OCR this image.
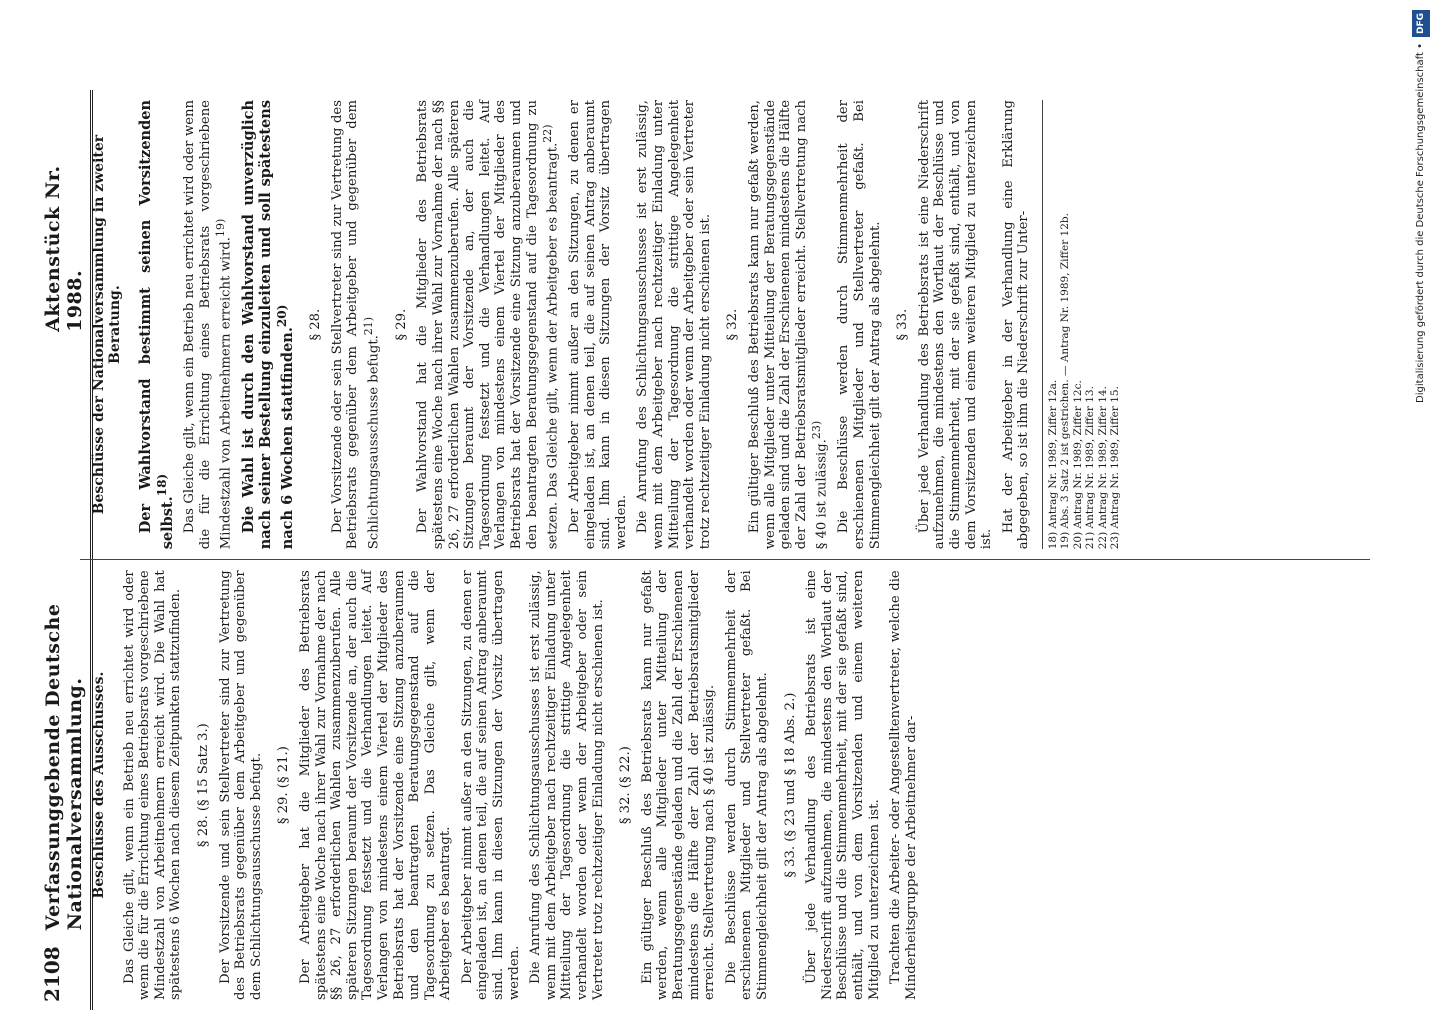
2108
Verfassunggebende Deutsche Nationalversammlung.
Aktenstück Nr. 1988.
Beschlüsse des Ausschusses. Das Gleiche gilt, wenn ein Betrieb neu errichtet wird oder wenn die für die Errichtung eines Betriebsrats vorgeschriebene Mindestzahl von Arbeitnehmern erreicht wird. Die Wahl hat spätestens 6 Wochen nach diesem Zeitpunkten stattzufinden. § 28. (§ 15 Satz 3.) Der Vorsitzende und sein Stellvertreter sind zur Vertretung des Betriebsrats gegenüber dem Arbeitgeber und gegenüber dem Schlichtungsausschusse befugt. § 29. (§ 21.) Der Arbeitgeber hat die Mitglieder des Betriebsrats spätestens eine Woche nach ihrer Wahl zur Vornahme der nach §§ 26, 27 erforderlichen Wahlen zusammenzuberufen. Alle späteren Sitzungen beraumt der Vorsitzende an, der auch die Tagesordnung festsetzt und die Verhandlungen leitet. Auf Verlangen von mindestens einem Viertel der Mitglieder des Betriebsrats hat der Vorsitzende eine Sitzung anzuberaumen und den beantragten Beratungsgegenstand auf die Tagesordnung zu setzen. Das Gleiche gilt, wenn der Arbeitgeber es beantragt. Der Arbeitgeber nimmt außer an den Sitzungen, zu denen er eingeladen ist, an denen teil, die auf seinen Antrag anberaumt sind. Ihm kann in diesen Sitzungen der Vorsitz übertragen werden. Die Anrufung des Schlichtungsausschusses ist erst zulässig, wenn mit dem Arbeitgeber nach rechtzeitiger Einladung unter Mitteilung der Tagesordnung die strittige Angelegenheit verhandelt worden oder wenn der Arbeitgeber oder sein Vertreter trotz rechtzeitiger Einladung nicht erschienen ist. § 32. (§ 22.) Ein gültiger Beschluß des Betriebsrats kann nur gefaßt werden, wenn alle Mitglieder unter Mitteilung der Beratungsgegenstände geladen und die Zahl der Erschienenen mindestens die Hälfte der Zahl der Betriebsratsmitglieder erreicht. Stellvertretung nach § 40 ist zulässig. Die Beschlüsse werden durch Stimmenmehrheit der erschienenen Mitglieder und Stellvertreter gefaßt. Bei Stimmengleichheit gilt der Antrag als abgelehnt. § 33. (§ 23 und § 18 Abs. 2.) Über jede Verhandlung des Betriebsrats ist eine Niederschrift aufzunehmen, die mindestens den Wortlaut der Beschlüsse und die Stimmenmehrheit, mit der sie gefaßt sind, enthält, und von dem Vorsitzenden und einem weiteren Mitglied zu unterzeichnen ist. Trachten die Arbeiter- oder Angestelltenvertreter, welche die Minderheitsgruppe der Arbeitnehmer dar-

Beschlüsse der Nationalversammlung in zweiter Beratung. Der Wahlvorstand bestimmt seinen Vorsitzenden selbst.$^{18)}$ Das Gleiche gilt, wenn ein Betrieb neu errichtet wird oder wenn die für die Errichtung eines Betriebsrats vorgeschriebene Mindestzahl von Arbeitnehmern erreicht wird.$^{19)}$ Die Wahl ist durch den Wahlvorstand unverzüglich nach seiner Bestellung einzuleiten und soll spätestens nach 6 Wochen stattfinden.$^{20)}$	§ 28. Der Vorsitzende oder sein Stellvertreter sind zur Vertretung des Betriebsrats gegenüber dem Arbeitgeber und gegenüber dem Schlichtungsausschusse befugt.$^{21)}$	§ 29. Der Wahlvorstand hat die Mitglieder des Betriebsrats spätestens eine Woche nach ihrer Wahl zur Vornahme der nach §§ 26, 27 erforderlichen Wahlen zusammenzuberufen. Alle späteren Sitzungen beraumt der Vorsitzende an, der auch die Tagesordnung festsetzt und die Verhandlungen leitet. Auf Verlangen von mindestens einem Viertel der Mitglieder des Betriebsrats hat der Vorsitzende eine Sitzung anzuberaumen und den beantragten Beratungsgegenstand auf die Tagesordnung zu setzen. Das Gleiche gilt, wenn der Arbeitgeber es beantragt.$^{22)}$ Der Arbeitgeber nimmt außer an den Sitzungen, zu denen er eingeladen ist, an denen teil, die auf seinen Antrag anberaumt sind. Ihm kann in diesen Sitzungen der Vorsitz übertragen werden. Die Anrufung des Schlichtungsausschusses ist erst zulässig, wenn mit dem Arbeitgeber nach rechtzeitiger Einladung unter Mitteilung der Tagesordnung die strittige Angelegenheit verhandelt worden oder wenn der Arbeitgeber oder sein Vertreter trotz rechtzeitiger Einladung nicht erschienen ist. § 32. Ein gültiger Beschluß des Betriebsrats kann nur gefaßt werden, wenn alle Mitglieder unter Mitteilung der Beratungsgegenstände geladen sind und die Zahl der Erschienenen mindestens die Hälfte der Zahl der Betriebsratsmitglieder erreicht. Stellvertretung nach § 40 ist zulässig.$^{23)}$ Die Beschlüsse werden durch Stimmenmehrheit der erschienenen Mitglieder und Stellvertreter gefaßt. Bei Stimmengleichheit gilt der Antrag als abgelehnt. § 33. Über jede Verhandlung des Betriebsrats ist eine Niederschrift aufzunehmen, die mindestens den Wortlaut der Beschlüsse und die Stimmenmehrheit, mit der sie gefaßt sind, enthält, und von dem Vorsitzenden und einem weiteren Mitglied zu unterzeichnen ist.

Hat der Arbeitgeber in der Verhandlung eine Erklärung abgegeben, so ist ihm die Niederschrift zur Unter- 18) Antrag Nr. 1989, Ziffer 12a. 19) Abs. 3 Satz 2 ist gestrichen. — Antrag Nr. 1989, Ziffer 12b. 20) Antrag Nr. 1989, Ziffer 12c. 21) Antrag Nr. 1989, Ziffer 13. 22) Antrag Nr. 1989, Ziffer 14. 23) Antrag Nr. 1989, Ziffer 15.
Digitalisierung gefördert durch die Deutsche Forschungsgemeinschaft •
DFG
